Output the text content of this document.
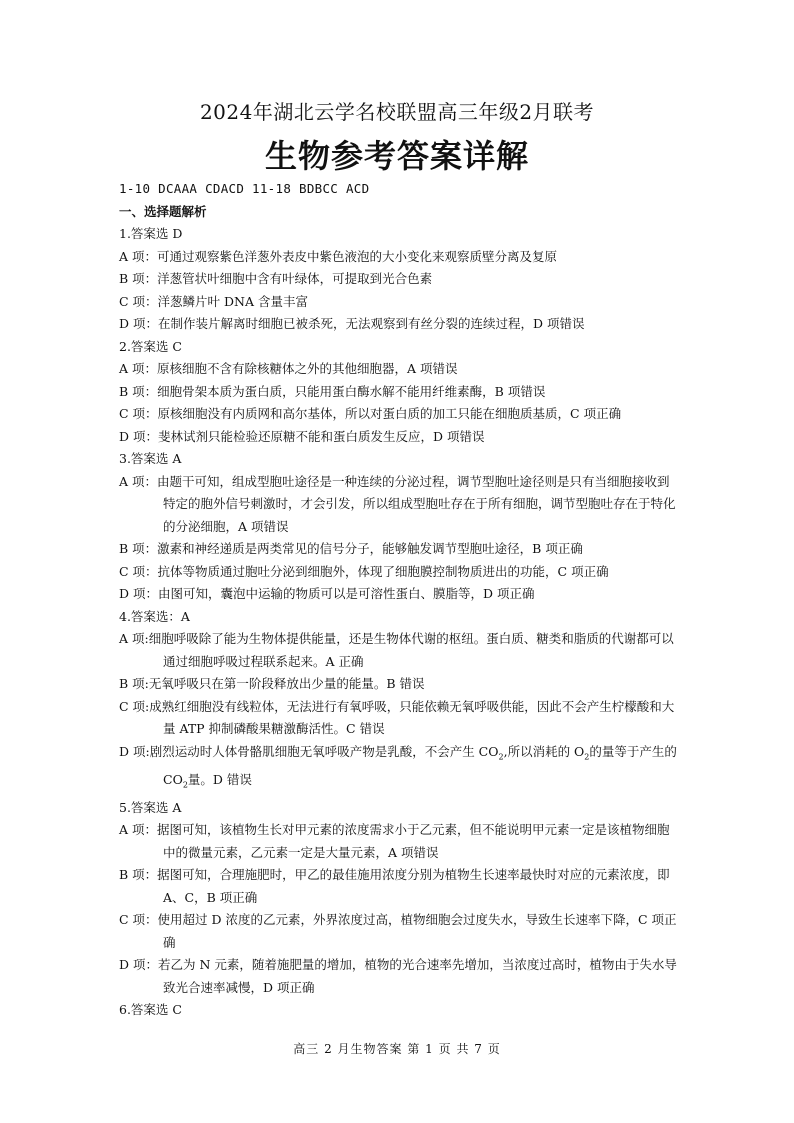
2024年湖北云学名校联盟高三年级2月联考
生物参考答案详解
1-10 DCAAA CDACD 11-18 BDBCC ACD
一、选择题解析
1.答案选 D
A 项：可通过观察紫色洋葱外表皮中紫色液泡的大小变化来观察质壁分离及复原
B 项：洋葱管状叶细胞中含有叶绿体，可提取到光合色素
C 项：洋葱鳞片叶 DNA 含量丰富
D 项：在制作装片解离时细胞已被杀死，无法观察到有丝分裂的连续过程，D 项错误
2.答案选 C
A 项：原核细胞不含有除核糖体之外的其他细胞器，A 项错误
B 项：细胞骨架本质为蛋白质，只能用蛋白酶水解不能用纤维素酶，B 项错误
C 项：原核细胞没有内质网和高尔基体，所以对蛋白质的加工只能在细胞质基质，C 项正确
D 项：斐林试剂只能检验还原糖不能和蛋白质发生反应，D 项错误
3.答案选 A
A 项：由题干可知，组成型胞吐途径是一种连续的分泌过程，调节型胞吐途径则是只有当细胞接收到特定的胞外信号刺激时，才会引发，所以组成型胞吐存在于所有细胞，调节型胞吐存在于特化的分泌细胞，A 项错误
B 项：激素和神经递质是两类常见的信号分子，能够触发调节型胞吐途径，B 项正确
C 项：抗体等物质通过胞吐分泌到细胞外，体现了细胞膜控制物质进出的功能，C 项正确
D 项：由图可知，囊泡中运输的物质可以是可溶性蛋白、膜脂等，D 项正确
4.答案选：A
A 项:细胞呼吸除了能为生物体提供能量，还是生物体代谢的枢纽。蛋白质、糖类和脂质的代谢都可以通过细胞呼吸过程联系起来。A 正确
B 项:无氧呼吸只在第一阶段释放出少量的能量。B 错误
C 项:成熟红细胞没有线粒体，无法进行有氧呼吸，只能依赖无氧呼吸供能，因此不会产生柠檬酸和大量 ATP 抑制磷酸果糖激酶活性。C 错误
D 项:剧烈运动时人体骨骼肌细胞无氧呼吸产物是乳酸，不会产生 $CO_2$,所以消耗的 $O_2$的量等于产生的 $CO_2$量。D 错误
5.答案选 A
A 项：据图可知，该植物生长对甲元素的浓度需求小于乙元素，但不能说明甲元素一定是该植物细胞中的微量元素，乙元素一定是大量元素，A 项错误
B 项：据图可知，合理施肥时，甲乙的最佳施用浓度分别为植物生长速率最快时对应的元素浓度，即 A、C，B 项正确
C 项：使用超过 D 浓度的乙元素，外界浓度过高，植物细胞会过度失水，导致生长速率下降，C 项正确
D 项：若乙为 N 元素，随着施肥量的增加，植物的光合速率先增加，当浓度过高时，植物由于失水导致光合速率减慢，D 项正确
6.答案选 C
高三 2 月生物答案 第 1 页 共 7 页
